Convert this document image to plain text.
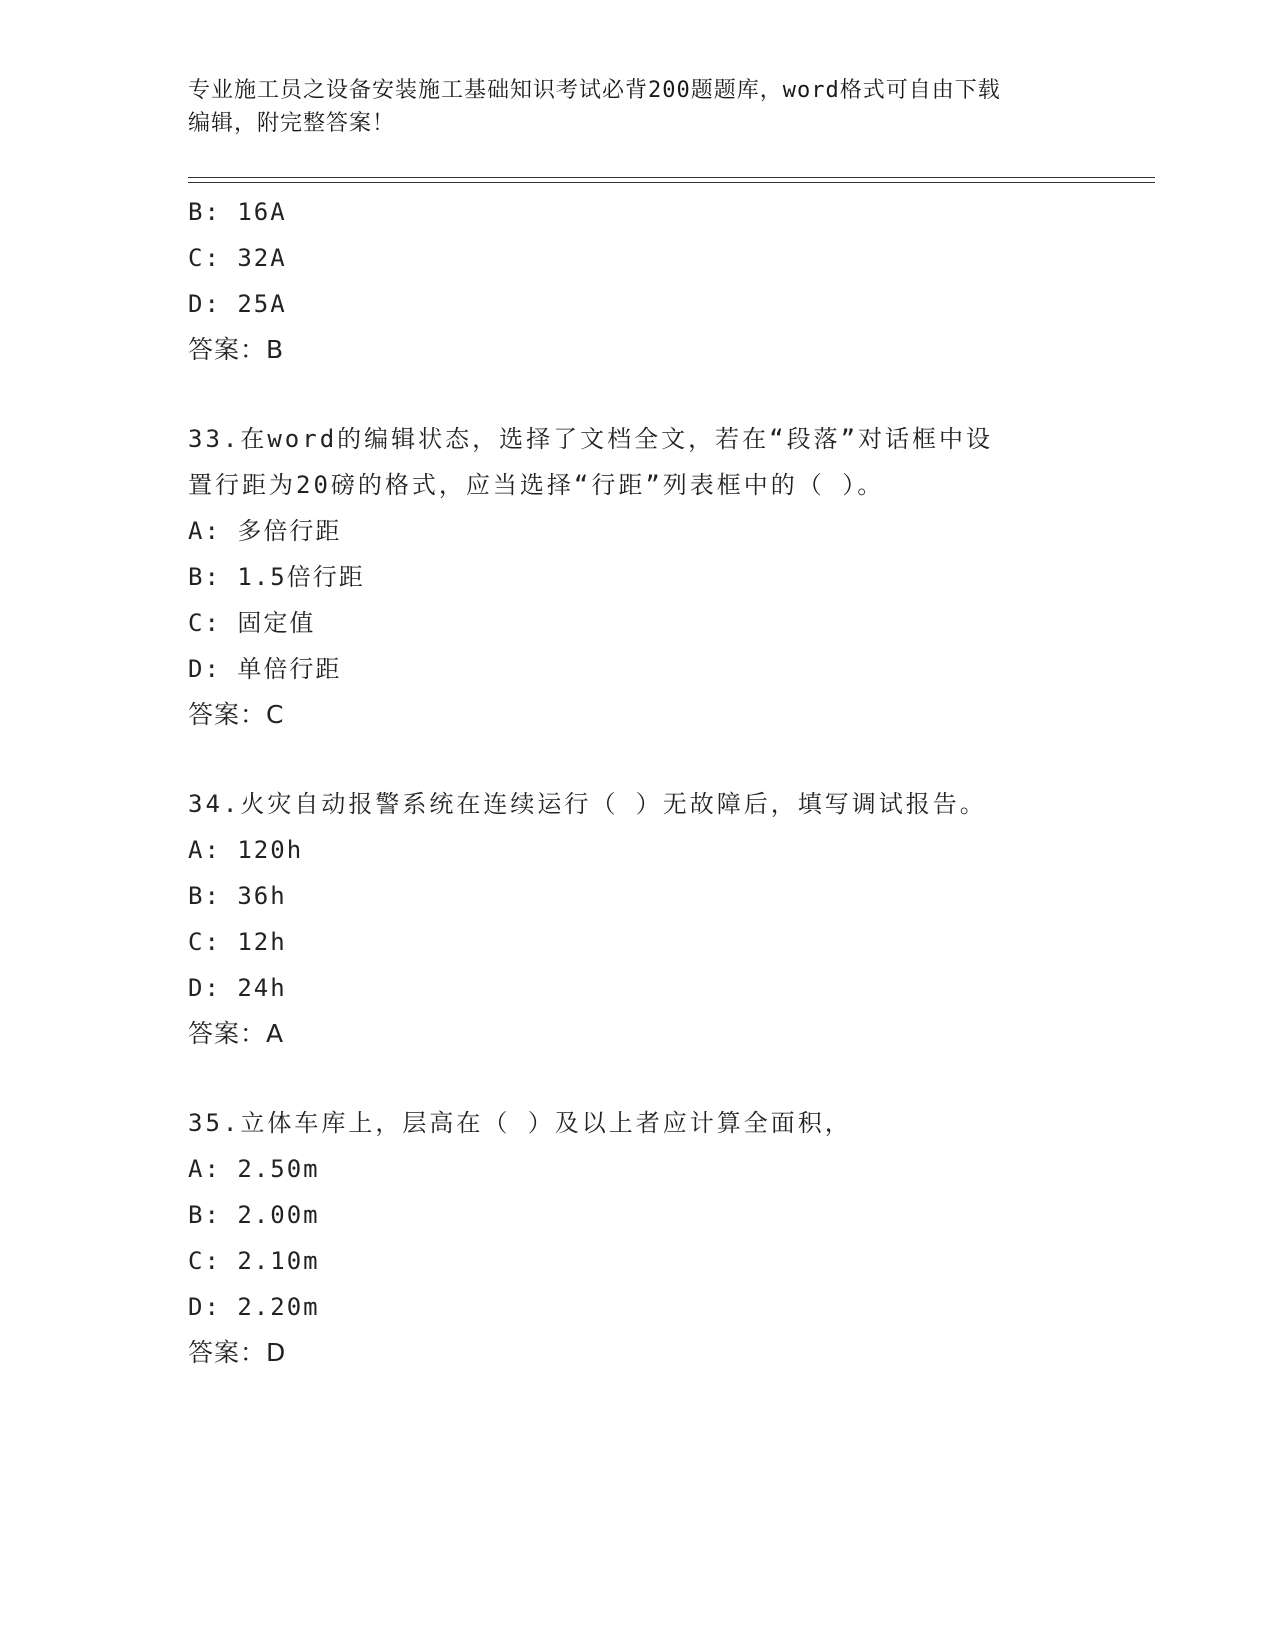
专业施工员之设备安装施工基础知识考试必背200题题库，word格式可自由下载
编辑，附完整答案！
B: 16A
C: 32A
D: 25A
答案：B
33.在word的编辑状态，选择了文档全文，若在“段落”对话框中设
置行距为20磅的格式，应当选择“行距”列表框中的（ ）。
A: 多倍行距
B: 1.5倍行距
C: 固定值
D: 单倍行距
答案：C
34.火灾自动报警系统在连续运行（ ）无故障后，填写调试报告。
A: 120h
B: 36h
C: 12h
D: 24h
答案：A
35.立体车库上，层高在（ ）及以上者应计算全面积，
A: 2.50m
B: 2.00m
C: 2.10m
D: 2.20m
答案：D
